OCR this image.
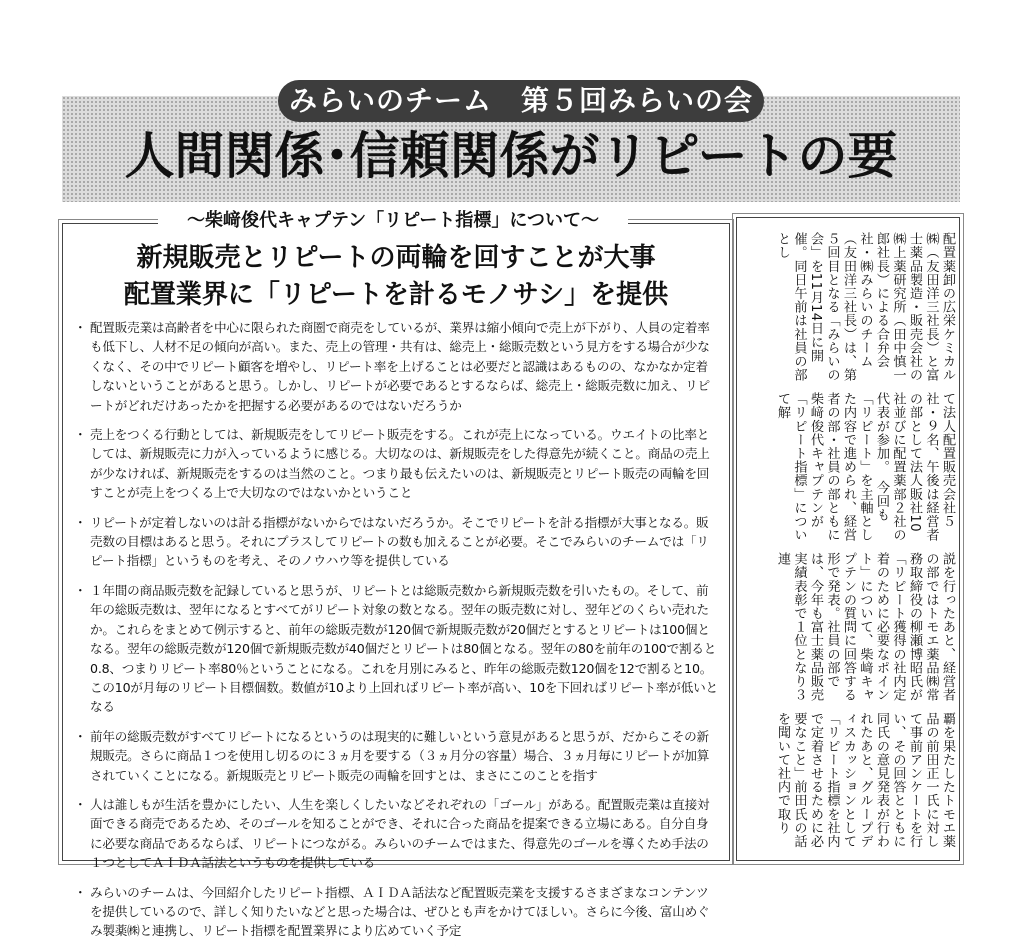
みらいのチーム　第５回みらいの会
人間関係･信頼関係がリピートの要
〜柴﨑俊代キャプテン「リピート指標」について〜
新規販売とリピートの両輪を回すことが大事
配置業界に「リピートを計るモノサシ」を提供
・ 配置販売業は高齢者を中心に限られた商圏で商売をしているが、業界は縮小傾向で売上が下がり、人員の定着率も低下し、人材不足の傾向が高い。また、売上の管理・共有は、総売上・総販売数という見方をする場合が少なくなく、その中でリピート顧客を増やし、リピート率を上げることは必要だと認識はあるものの、なかなか定着しないということがあると思う。しかし、リピートが必要であるとするならば、総売上・総販売数に加え、リピートがどれだけあったかを把握する必要があるのではないだろうか
・ 売上をつくる行動としては、新規販売をしてリピート販売をする。これが売上になっている。ウエイトの比率としては、新規販売に力が入っているように感じる。大切なのは、新規販売をした得意先が続くこと。商品の売上が少なければ、新規販売をするのは当然のこと。つまり最も伝えたいのは、新規販売とリピート販売の両輪を回すことが売上をつくる上で大切なのではないかということ
・ リピートが定着しないのは計る指標がないからではないだろうか。そこでリピートを計る指標が大事となる。販売数の目標はあると思う。それにプラスしてリピートの数も加えることが必要。そこでみらいのチームでは「リピート指標」というものを考え、そのノウハウ等を提供している
・ １年間の商品販売数を記録していると思うが、リピートとは総販売数から新規販売数を引いたもの。そして、前年の総販売数は、翌年になるとすべてがリピート対象の数となる。翌年の販売数に対し、翌年どのくらい売れたか。これらをまとめて例示すると、前年の総販売数が120個で新規販売数が20個だとするとリピートは100個となる。翌年の総販売数が120個で新規販売数が40個だとリピートは80個となる。翌年の80を前年の100で割ると0.8、つまりリピート率80％ということになる。これを月別にみると、昨年の総販売数120個を12で割ると10。この10が月毎のリピート目標個数。数値が10より上回ればリピート率が高い、10を下回ればリピート率が低いとなる
・ 前年の総販売数がすべてリピートになるというのは現実的に難しいという意見があると思うが、だからこその新規販売。さらに商品１つを使用し切るのに３ヵ月を要する（３ヵ月分の容量）場合、３ヵ月毎にリピートが加算されていくことになる。新規販売とリピート販売の両輪を回すとは、まさにこのことを指す
・ 人は誰しもが生活を豊かにしたい、人生を楽しくしたいなどそれぞれの「ゴール」がある。配置販売業は直接対面できる商売であるため、そのゴールを知ることができ、それに合った商品を提案できる立場にある。自分自身に必要な商品であるならば、リピートにつながる。みらいのチームではまた、得意先のゴールを導くため手法の１つとしてＡＩＤＡ話法というものを提供している
・ みらいのチームは、今回紹介したリピート指標、ＡＩＤＡ話法など配置販売業を支援するさまざまなコンテンツを提供しているので、詳しく知りたいなどと思った場合は、ぜひとも声をかけてほしい。さらに今後、富山めぐみ製薬㈱と連携し、リピート指標を配置業界により広めていく予定
配置薬卸の広栄ケミカル㈱（友田洋三社長）と富士薬品製造・販売会社の㈱上薬研究所（田中慎一郎社長）による合弁会社・㈱みらいのチーム（友田洋三社長）は、第５回目となる「みらいの会」を11月14日に開催。同日午前は社員の部とし
て法人配置販売会社５社・９名、午後は経営者の部として法人販社10社並びに配置薬部２社の代表が参加。　今回も「リピート」を主軸とした内容で進められ、経営者の部・社員の部ともに柴﨑俊代キャプテンが「リピート指標」について解
説を行ったあと、経営者の部ではトモエ薬品㈱常務取締役の柳瀬博昭氏が「リピート獲得の社内定着のために必要なポイント」について、柴﨑キャプテンの質問に回答する形で発表。社員の部では、今年も富士薬品販売実績表彰で１位となり３連
覇を果たしたトモエ薬品の前田正一氏に対して事前アンケートを行い、その回答とともに同氏の意見発表が行われたあと、グループディスカッションとして「リピート指標を社内で定着させるために必要なこと」前田氏の話を聞いて社内で取り
